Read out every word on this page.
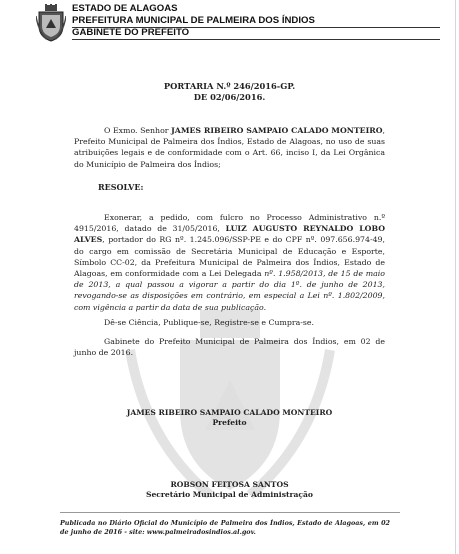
ESTADO DE ALAGOAS
PREFEITURA MUNICIPAL DE PALMEIRA DOS ÍNDIOS
GABINETE DO PREFEITO
PORTARIA N.º 246/2016-GP.
DE 02/06/2016.
O Exmo. Senhor JAMES RIBEIRO SAMPAIO CALADO MONTEIRO, Prefeito Municipal de Palmeira dos Índios, Estado de Alagoas, no uso de suas atribuições legais e de conformidade com o Art. 66, inciso I, da Lei Orgânica do Município de Palmeira dos Índios;
RESOLVE:
Exonerar, a pedido, com fulcro no Processo Administrativo n.º 4915/2016, datado de 31/05/2016, LUIZ AUGUSTO REYNALDO LOBO ALVES, portador do RG nº. 1.245.096/SSP-PE e do CPF nº. 097.656.974-49, do cargo em comissão de Secretária Municipal de Educação e Esporte, Símbolo CC-02, da Prefeitura Municipal de Palmeira dos Índios, Estado de Alagoas, em conformidade com a Lei Delegada nº. 1.958/2013, de 15 de maio de 2013, a qual passou a vigorar a partir do dia 1º. de junho de 2013, revogando-se as disposições em contrário, em especial a Lei nº. 1.802/2009, com vigência a partir da data de sua publicação.
Dê-se Ciência, Publique-se, Registre-se e Cumpra-se.
Gabinete do Prefeito Municipal de Palmeira dos Índios, em 02 de junho de 2016.
JAMES RIBEIRO SAMPAIO CALADO MONTEIRO
Prefeito
ROBSON FEITOSA SANTOS
Secretário Municipal de Administração
Publicada no Diário Oficial do Município de Palmeira dos Índios, Estado de Alagoas, em 02 de junho de 2016 - site: www.palmeiradosindios.al.gov.
